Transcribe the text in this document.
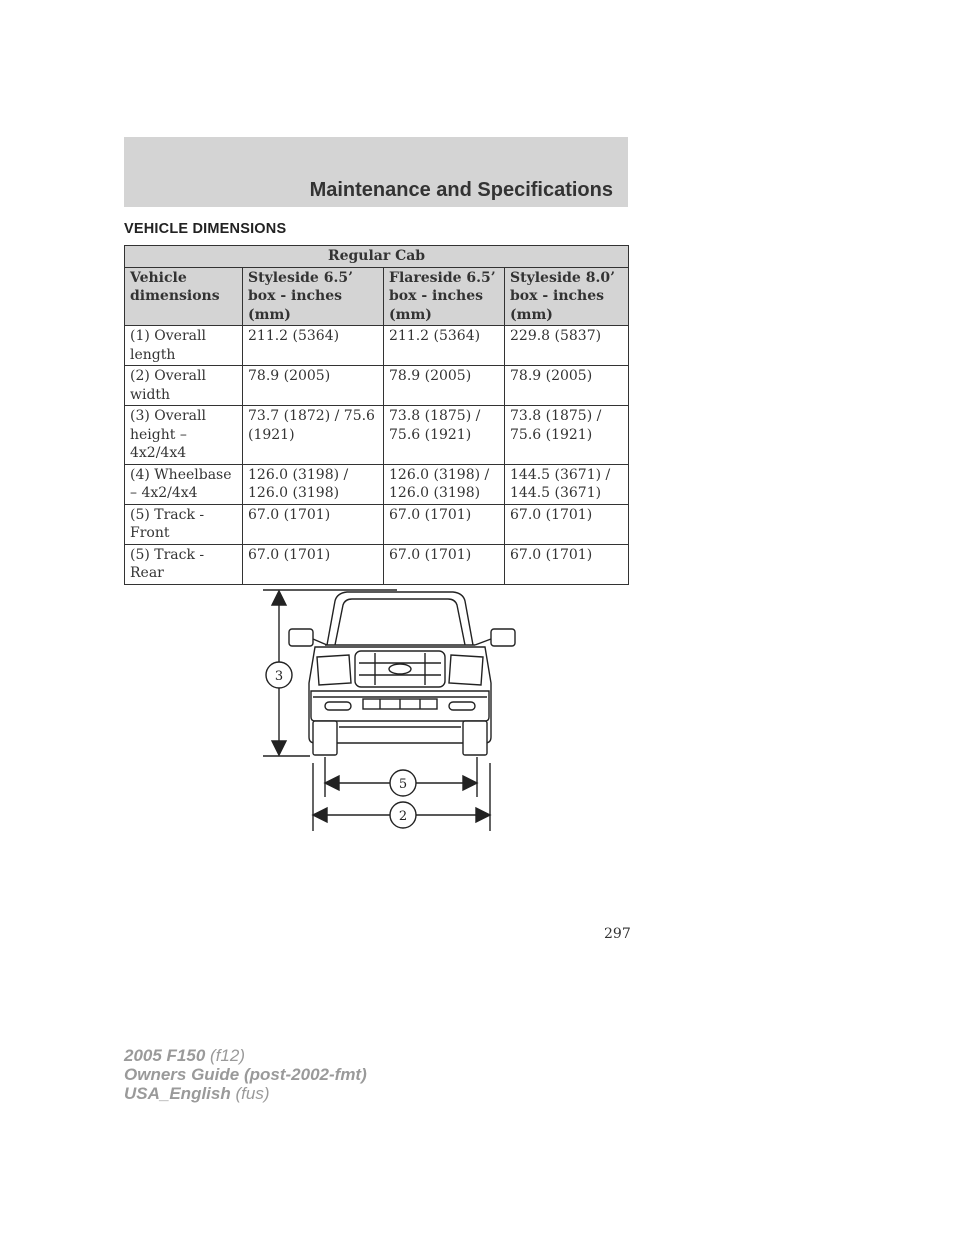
Maintenance and Specifications
VEHICLE DIMENSIONS
Regular Cab			
Vehicle dimensions	Styleside 6.5’ box - inches (mm)	Flareside 6.5’ box - inches (mm)	Styleside 8.0’ box - inches (mm)
(1) Overall length	211.2 (5364)	211.2 (5364)	229.8 (5837)
(2) Overall width	78.9 (2005)	78.9 (2005)	78.9 (2005)
(3) Overall height – 4x2/4x4	73.7 (1872) / 75.6 (1921)	73.8 (1875) / 75.6 (1921)	73.8 (1875) / 75.6 (1921)
(4) Wheelbase – 4x2/4x4	126.0 (3198) / 126.0 (3198)	126.0 (3198) / 126.0 (3198)	144.5 (3671) / 144.5 (3671)
(5) Track - Front	67.0 (1701)	67.0 (1701)	67.0 (1701)
(5) Track - Rear	67.0 (1701)	67.0 (1701)	67.0 (1701)
3
5
2
297
2005 F150 (f12)
Owners Guide (post-2002-fmt)
USA_English (fus)
